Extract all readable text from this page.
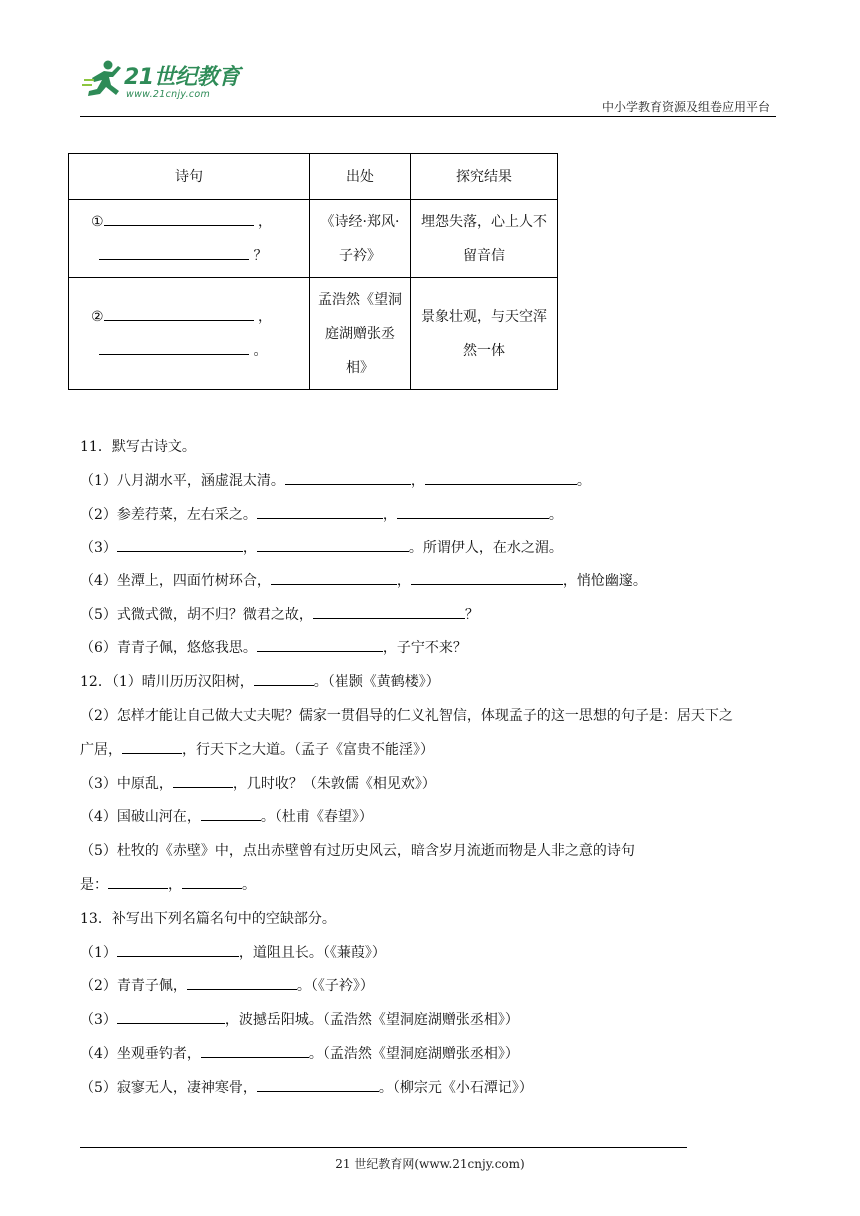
21世纪教育
www.21cnjy.com
中小学教育资源及组卷应用平台
诗句	出处	探究结果
① ，
？	《诗经·郑风·子衿》	埋怨失落，心上人不留音信
② ，
。	孟浩然《望洞庭湖赠张丞相》	景象壮观，与天空浑然一体
11．默写古诗文。
（1）八月湖水平，涵虚混太清。	，	。
（2）参差荇菜，左右采之。	，	。
（3）	，	。所谓伊人，在水之湄。
（4）坐潭上，四面竹树环合，	，	，悄怆幽邃。
（5）式微式微，胡不归？微君之故，	？
（6）青青子佩，悠悠我思。	，子宁不来？
12．（1）晴川历历汉阳树，	。（崔颢《黄鹤楼》）
（2）怎样才能让自己做大丈夫呢？儒家一贯倡导的仁义礼智信，体现孟子的这一思想的句子是：居天下之
广居，	，行天下之大道。（孟子《富贵不能淫》）
（3）中原乱，	，几时收？（朱敦儒《相见欢》）
（4）国破山河在，	。（杜甫《春望》）
（5）杜牧的《赤壁》中，点出赤壁曾有过历史风云，暗含岁月流逝而物是人非之意的诗句
是：	，	。
13．补写出下列名篇名句中的空缺部分。
（1）	，道阻且长。（《蒹葭》）
（2）青青子佩，	。（《子衿》）
（3）	，波撼岳阳城。（孟浩然《望洞庭湖赠张丞相》）
（4）坐观垂钓者，	。（孟浩然《望洞庭湖赠张丞相》）
（5）寂寥无人，凄神寒骨，	。（柳宗元《小石潭记》）
21 世纪教育网(www.21cnjy.com)
